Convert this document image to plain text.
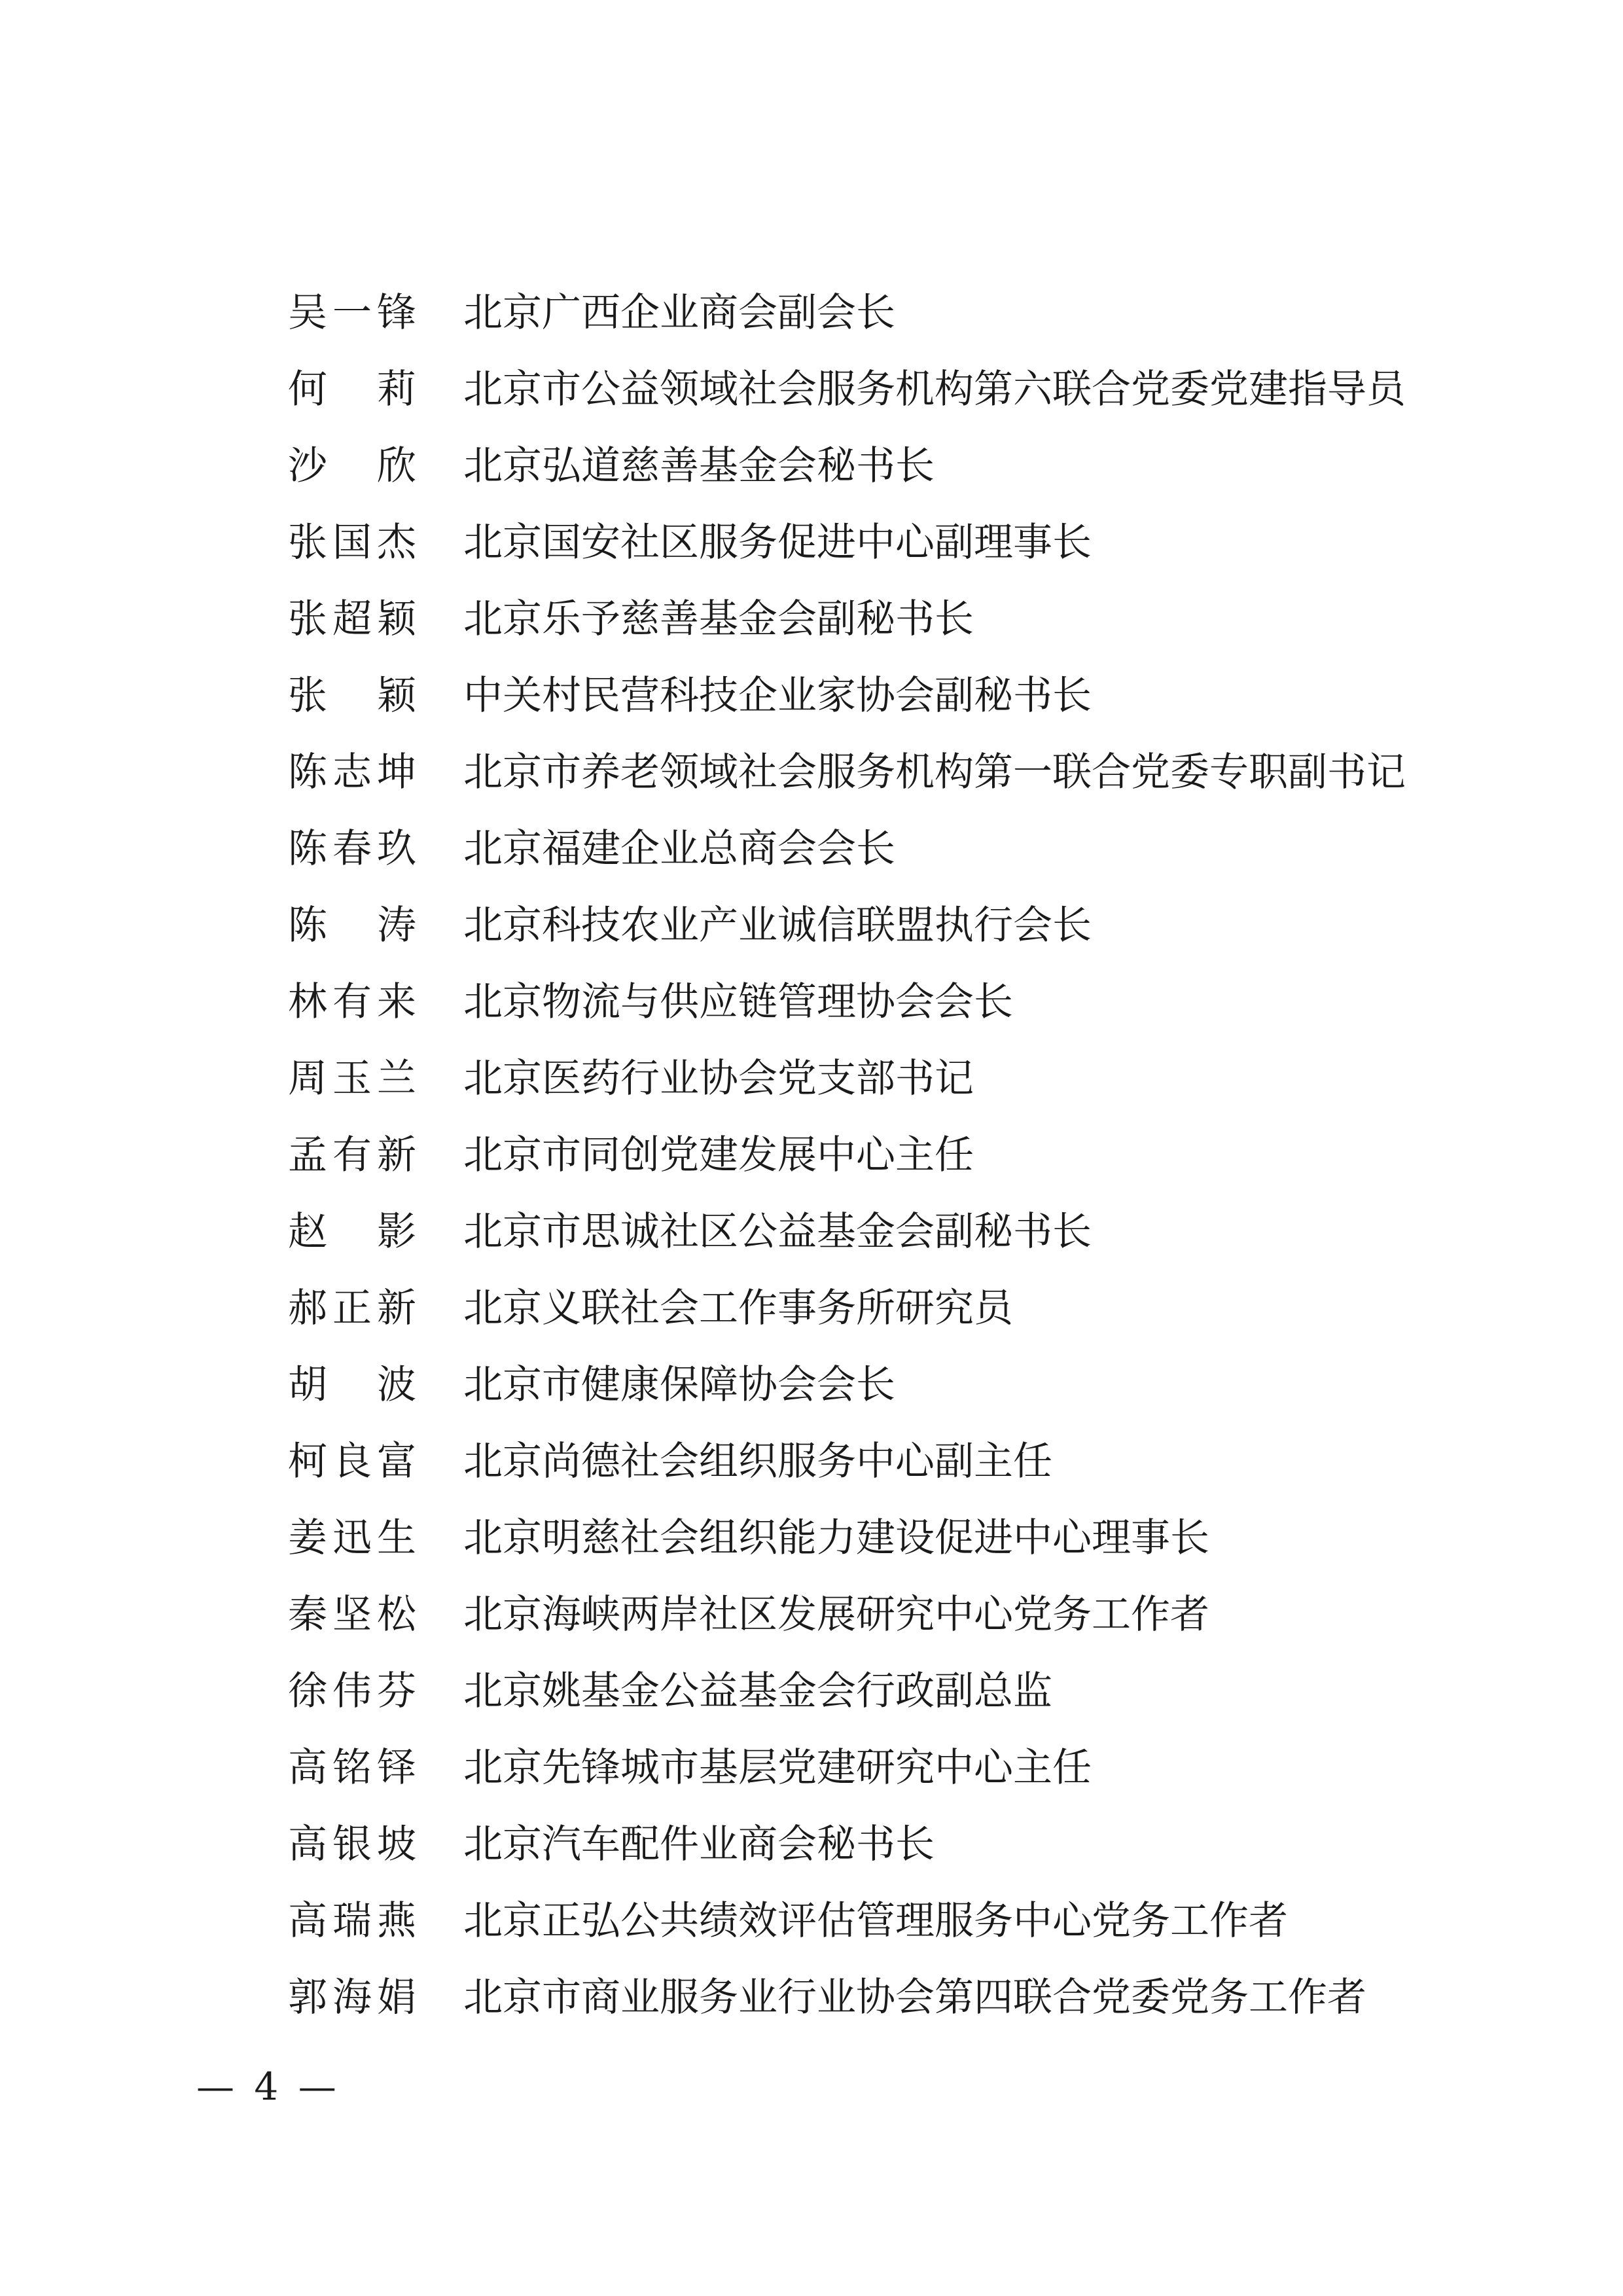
吴一锋 北京广西企业商会副会长
何　莉 北京市公益领域社会服务机构第六联合党委党建指导员
沙　欣 北京弘道慈善基金会秘书长
张国杰 北京国安社区服务促进中心副理事长
张超颖 北京乐予慈善基金会副秘书长
张　颖 中关村民营科技企业家协会副秘书长
陈志坤 北京市养老领域社会服务机构第一联合党委专职副书记
陈春玖 北京福建企业总商会会长
陈　涛 北京科技农业产业诚信联盟执行会长
林有来 北京物流与供应链管理协会会长
周玉兰 北京医药行业协会党支部书记
孟有新 北京市同创党建发展中心主任
赵　影 北京市思诚社区公益基金会副秘书长
郝正新 北京义联社会工作事务所研究员
胡　波 北京市健康保障协会会长
柯良富 北京尚德社会组织服务中心副主任
姜迅生 北京明慈社会组织能力建设促进中心理事长
秦坚松 北京海峡两岸社区发展研究中心党务工作者
徐伟芬 北京姚基金公益基金会行政副总监
高铭铎 北京先锋城市基层党建研究中心主任
高银坡 北京汽车配件业商会秘书长
高瑞燕 北京正弘公共绩效评估管理服务中心党务工作者
郭海娟 北京市商业服务业行业协会第四联合党委党务工作者
— 4 —
